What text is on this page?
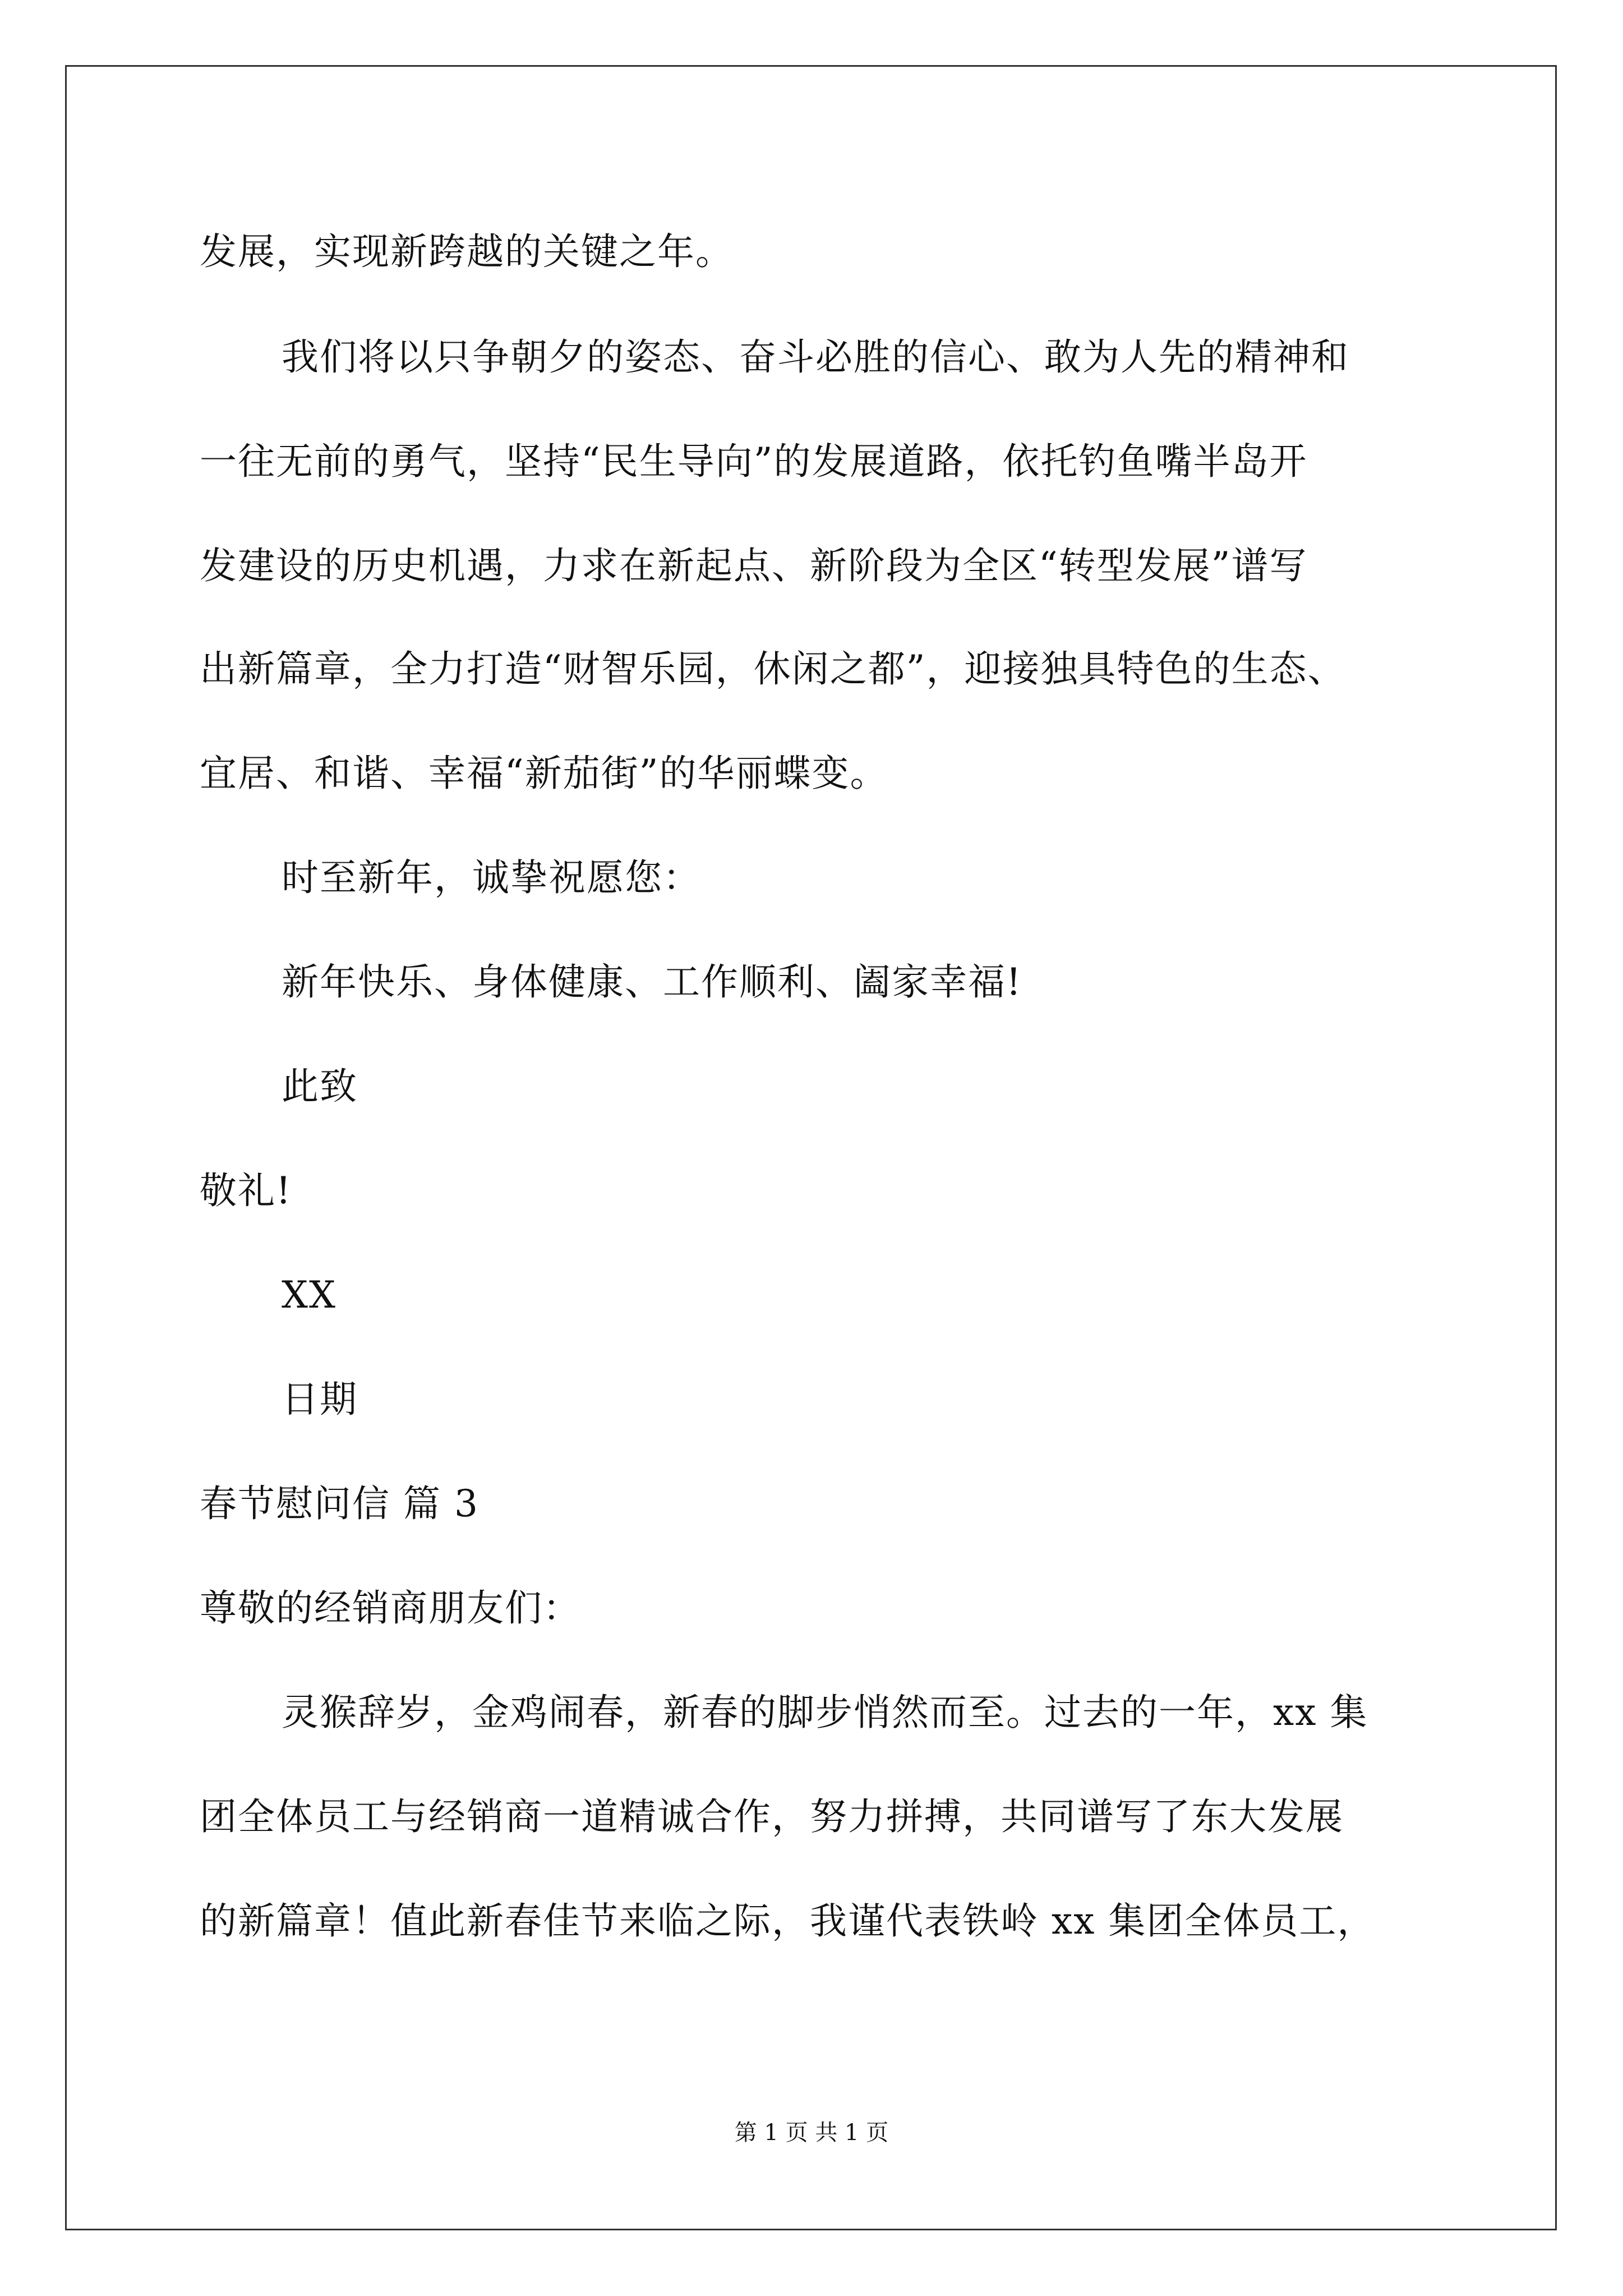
发展，实现新跨越的关键之年。
我们将以只争朝夕的姿态、奋斗必胜的信心、敢为人先的精神和
一往无前的勇气，坚持“民生导向”的发展道路，依托钓鱼嘴半岛开
发建设的历史机遇，力求在新起点、新阶段为全区“转型发展”谱写
出新篇章，全力打造“财智乐园，休闲之都”，迎接独具特色的生态、
宜居、和谐、幸福“新茄街”的华丽蝶变。
时至新年，诚挚祝愿您：
新年快乐、身体健康、工作顺利、阖家幸福!
此致
敬礼!
XX
日期
春节慰问信 篇 3
尊敬的经销商朋友们：
灵猴辞岁，金鸡闹春，新春的脚步悄然而至。过去的一年，xx 集
团全体员工与经销商一道精诚合作，努力拼搏，共同谱写了东大发展
的新篇章！值此新春佳节来临之际，我谨代表铁岭 xx 集团全体员工，
第 1 页 共 1 页
